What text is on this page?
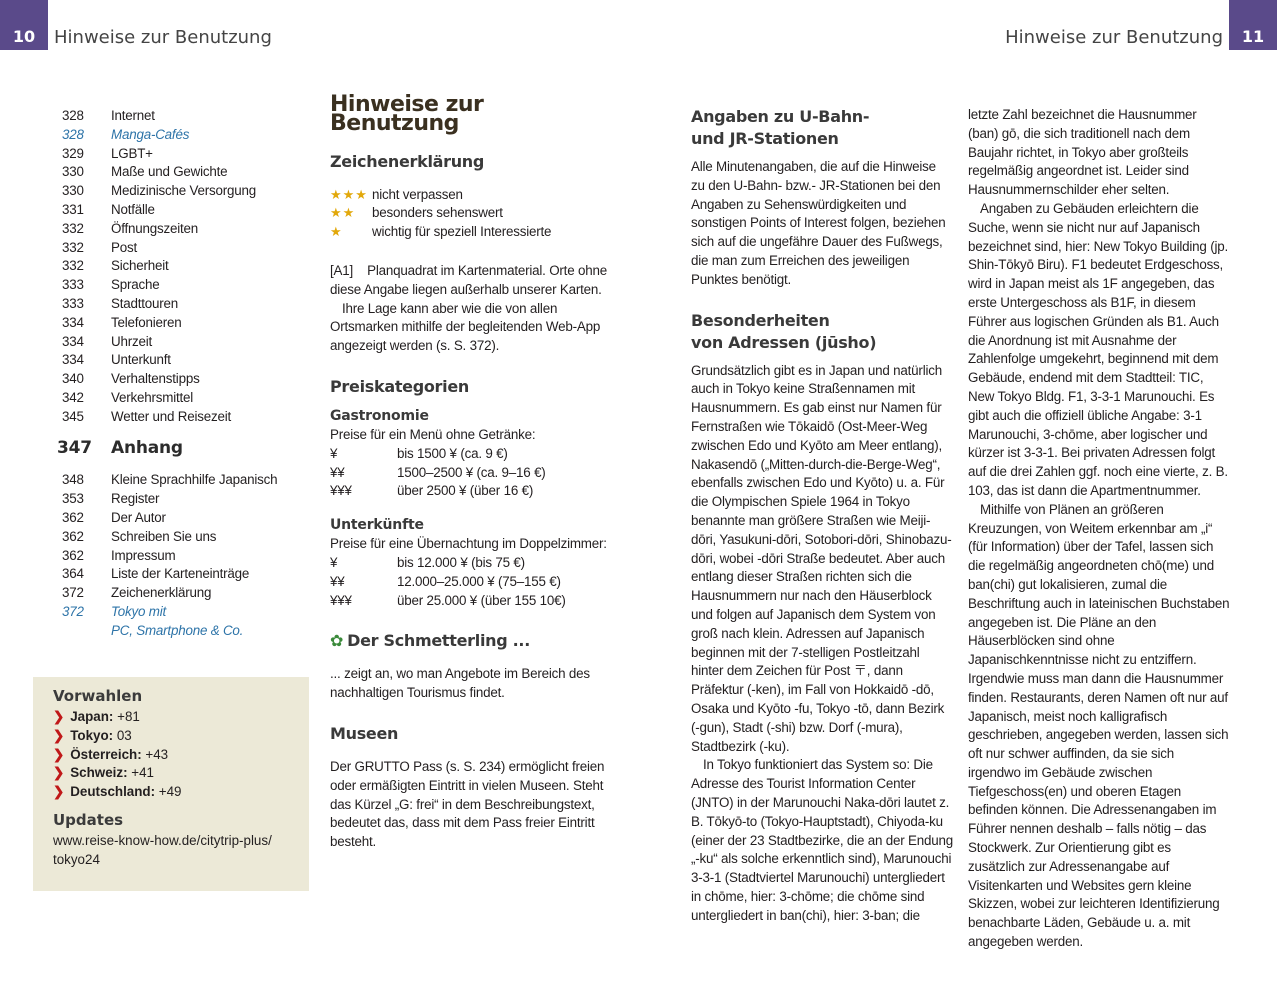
10	Hinweise zur Benutzung	Hinweise zur Benutzung	11
328	Internet
328	Manga-Cafés
329	LGBT+
330	Maße und Gewichte
330	Medizinische Versorgung
331	Notfälle
332	Öffnungszeiten
332	Post
332	Sicherheit
333	Sprache
333	Stadttouren
334	Telefonieren
334	Uhrzeit
334	Unterkunft
340	Verhaltenstipps
342	Verkehrsmittel
345	Wetter und Reisezeit
347	Anhang
348	Kleine Sprachhilfe Japanisch
353	Register
362	Der Autor
362	Schreiben Sie uns
362	Impressum
364	Liste der Karteneinträge
372	Zeichenerklärung
372	Tokyo mit
PC, Smartphone & Co.
Vorwahlen
❯ Japan: +81
❯ Tokyo: 03
❯ Österreich: +43
❯ Schweiz: +41
❯ Deutschland: +49
Updates
www.reise-know-how.de/citytrip-plus/
tokyo24
Hinweise zur Benutzung
Zeichenerklärung
★★★ nicht verpassen
★★ besonders sehenswert
★ wichtig für speziell Interessierte

[A1]    Planquadrat im Kartenmaterial. Orte ohne diese Angabe liegen außerhalb unserer Karten.

Ihre Lage kann aber wie die von allen Ortsmarken mithilfe der begleitenden Web-App angezeigt werden (s. S. 372).

Preiskategorien
Gastronomie

Preise für ein Menü ohne Getränke:

¥	bis 1500 ¥ (ca. 9 €)
¥¥	1500–2500 ¥ (ca. 9–16 €)
¥¥¥	über 2500 ¥ (über 16 €)
Unterkünfte

Preise für eine Übernachtung im Doppelzimmer:

¥	bis 12.000 ¥ (bis 75 €)
¥¥	12.000–25.000 ¥ (75–155 €)
¥¥¥	über 25.000 ¥ (über 155 10€)
✿ Der Schmetterling ...

... zeigt an, wo man Angebote im Bereich des nachhaltigen Tourismus findet.

Museen

Der GRUTTO Pass (s. S. 234) ermöglicht freien oder ermäßigten Eintritt in vielen Museen. Steht das Kürzel „G: frei“ in dem Beschreibungstext, bedeutet das, dass mit dem Pass freier Eintritt besteht.

Angaben zu U-Bahn-
und JR-Stationen

Alle Minutenangaben, die auf die Hinweise zu den U-Bahn- bzw.- JR-Stationen bei den Angaben zu Sehenswürdigkeiten und sonstigen Points of Interest folgen, beziehen sich auf die ungefähre Dauer des Fußwegs, die man zum Erreichen des jeweiligen Punktes benötigt.

Besonderheiten
von Adressen (jūsho)

Grundsätzlich gibt es in Japan und natürlich auch in Tokyo keine Straßennamen mit Hausnummern. Es gab einst nur Namen für Fernstraßen wie Tōkaidō (Ost-Meer-Weg zwischen Edo und Kyōto am Meer entlang), Nakasendō („Mitten-durch-die-Berge-Weg“, ebenfalls zwischen Edo und Kyōto) u. a. Für die Olympischen Spiele 1964 in Tokyo benannte man größere Straßen wie Meiji-dōri, Yasukuni-dōri, Sotobori-dōri, Shinobazu-dōri, wobei -dōri Straße bedeutet. Aber auch entlang dieser Straßen richten sich die Hausnummern nur nach den Häuserblock und folgen auf Japanisch dem System von groß nach klein. Adressen auf Japanisch beginnen mit der 7-stelligen Postleitzahl hinter dem Zeichen für Post 〒, dann Präfektur (-ken), im Fall von Hokkaidō -dō, Osaka und Kyōto -fu, Tokyo -tō, dann Bezirk (-gun), Stadt (-shi) bzw. Dorf (-mura), Stadtbezirk (-ku).

In Tokyo funktioniert das System so: Die Adresse des Tourist Information Center (JNTO) in der Marunouchi Naka-dōri lautet z. B. Tōkyō-to (Tokyo-Hauptstadt), Chiyoda-ku (einer der 23 Stadtbezirke, die an der Endung „-ku“ als solche erkenntlich sind), Marunouchi 3-3-1 (Stadtviertel Marunouchi) untergliedert in chōme, hier: 3-chōme; die chōme sind untergliedert in ban(chi), hier: 3-ban; die

letzte Zahl bezeichnet die Hausnummer (ban) gō, die sich traditionell nach dem Baujahr richtet, in Tokyo aber großteils regelmäßig angeordnet ist. Leider sind Hausnummernschilder eher selten.

Angaben zu Gebäuden erleichtern die Suche, wenn sie nicht nur auf Japanisch bezeichnet sind, hier: New Tokyo Building (jp. Shin-Tōkyō Biru). F1 bedeutet Erdgeschoss, wird in Japan meist als 1F angegeben, das erste Untergeschoss als B1F, in diesem Führer aus logischen Gründen als B1. Auch die Anordnung ist mit Ausnahme der Zahlenfolge umgekehrt, beginnend mit dem Gebäude, endend mit dem Stadtteil: TIC, New Tokyo Bldg. F1, 3-3-1 Marunouchi. Es gibt auch die offiziell übliche Angabe: 3-1 Marunouchi, 3-chōme, aber logischer und kürzer ist 3-3-1. Bei privaten Adressen folgt auf die drei Zahlen ggf. noch eine vierte, z. B. 103, das ist dann die Apartmentnummer.

Mithilfe von Plänen an größeren Kreuzungen, von Weitem erkennbar am „i“ (für Information) über der Tafel, lassen sich die regelmäßig angeordneten chō(me) und ban(chi) gut lokalisieren, zumal die Beschriftung auch in lateinischen Buchstaben angegeben ist. Die Pläne an den Häuserblöcken sind ohne Japanischkenntnisse nicht zu entziffern. Irgendwie muss man dann die Hausnummer finden. Restaurants, deren Namen oft nur auf Japanisch, meist noch kalligrafisch geschrieben, angegeben werden, lassen sich oft nur schwer auffinden, da sie sich irgendwo im Gebäude zwischen Tiefgeschoss(en) und oberen Etagen befinden können. Die Adressenangaben im Führer nennen deshalb – falls nötig – das Stockwerk. Zur Orientierung gibt es zusätzlich zur Adressenangabe auf Visitenkarten und Websites gern kleine Skizzen, wobei zur leichteren Identifizierung benachbarte Läden, Gebäude u. a. mit angegeben werden.
